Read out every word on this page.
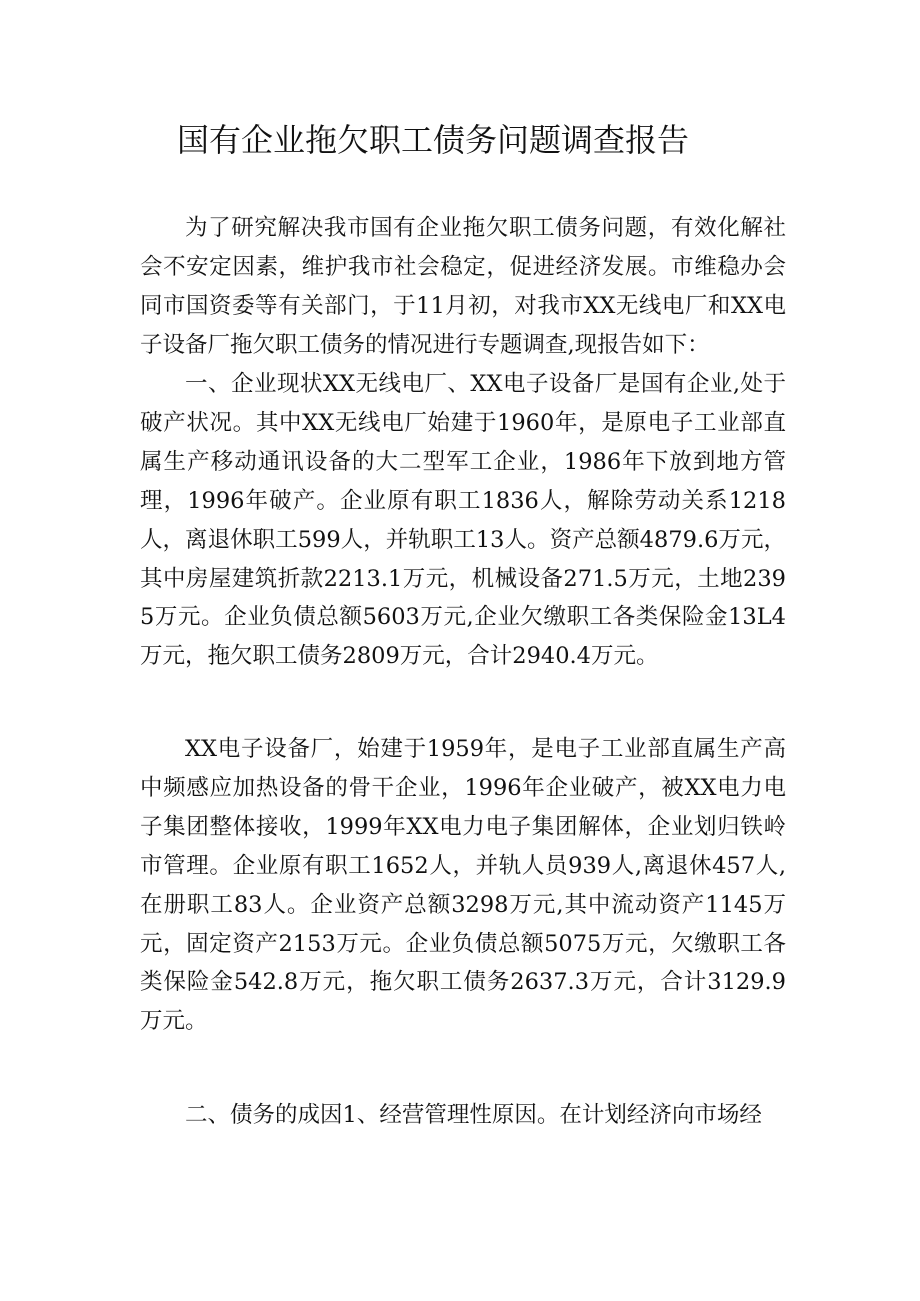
国有企业拖欠职工债务问题调查报告

为了研究解决我市国有企业拖欠职工债务问题，有效化解社会不安定因素，维护我市社会稳定，促进经济发展。市维稳办会同市国资委等有关部门，于11月初，对我市XX无线电厂和XX电子设备厂拖欠职工债务的情况进行专题调查,现报告如下：

一、企业现状XX无线电厂、XX电子设备厂是国有企业,处于破产状况。其中XX无线电厂始建于1960年，是原电子工业部直属生产移动通讯设备的大二型军工企业，1986年下放到地方管理，1996年破产。企业原有职工1836人，解除劳动关系1218人，离退休职工599人，并轨职工13人。资产总额4879.6万元，其中房屋建筑折款2213.1万元，机械设备271.5万元，土地2395万元。企业负债总额5603万元,企业欠缴职工各类保险金13L4万元，拖欠职工债务2809万元，合计2940.4万元。

XX电子设备厂，始建于1959年，是电子工业部直属生产高中频感应加热设备的骨干企业，1996年企业破产，被XX电力电子集团整体接收，1999年XX电力电子集团解体，企业划归铁岭市管理。企业原有职工1652人，并轨人员939人,离退休457人,在册职工83人。企业资产总额3298万元,其中流动资产1145万元，固定资产2153万元。企业负债总额5075万元，欠缴职工各类保险金542.8万元，拖欠职工债务2637.3万元，合计3129.9万元。

二、债务的成因1、经营管理性原因。在计划经济向市场经
